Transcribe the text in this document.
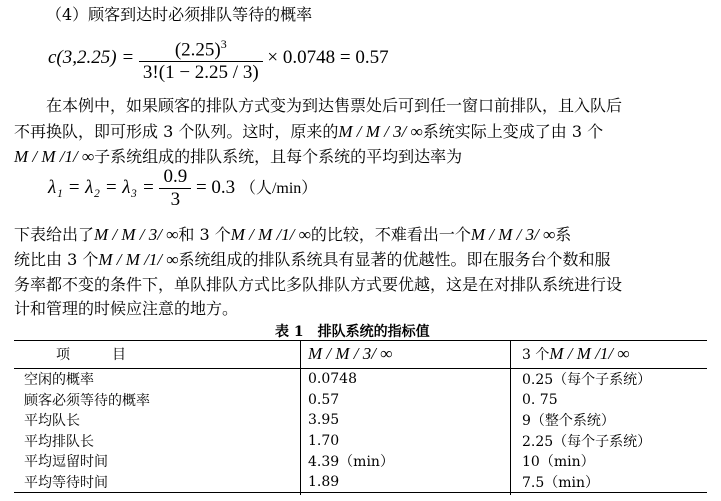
（4）顾客到达时必须排队等待的概率
$c(3,2.25) = \frac{(2.25)^3}{3!(1 - 2.25 / 3)} \times 0.0748 = 0.57$
在本例中，如果顾客的排队方式变为到达售票处后可到任一窗口前排队，且入队后
不再换队，即可形成 3 个队列。这时，原来的M / M / 3/ ∞系统实际上变成了由 3 个
M / M /1/ ∞子系统组成的排队系统，且每个系统的平均到达率为
$\lambda_1 = \lambda_2 = \lambda_3 = \frac{0.9}{3} = 0.3$ （人/min）
下表给出了M / M / 3/ ∞和 3 个M / M /1/ ∞的比较，不难看出一个M / M / 3/ ∞系
统比由 3 个M / M /1/ ∞系统组成的排队系统具有显著的优越性。即在服务台个数和服
务率都不变的条件下，单队排队方式比多队排队方式要优越，这是在对排队系统进行设
计和管理的时候应注意的地方。
表 1　排队系统的指标值
项　　　目	M / M / 3/ ∞	3 个M / M /1/ ∞
空闲的概率	0.0748	0.25（每个子系统）
顾客必须等待的概率	0.57	0. 75
平均队长	3.95	9（整个系统）
平均排队长	1.70	2.25（每个子系统）
平均逗留时间	4.39（min）	10（min）
平均等待时间	1.89	7.5（min）
